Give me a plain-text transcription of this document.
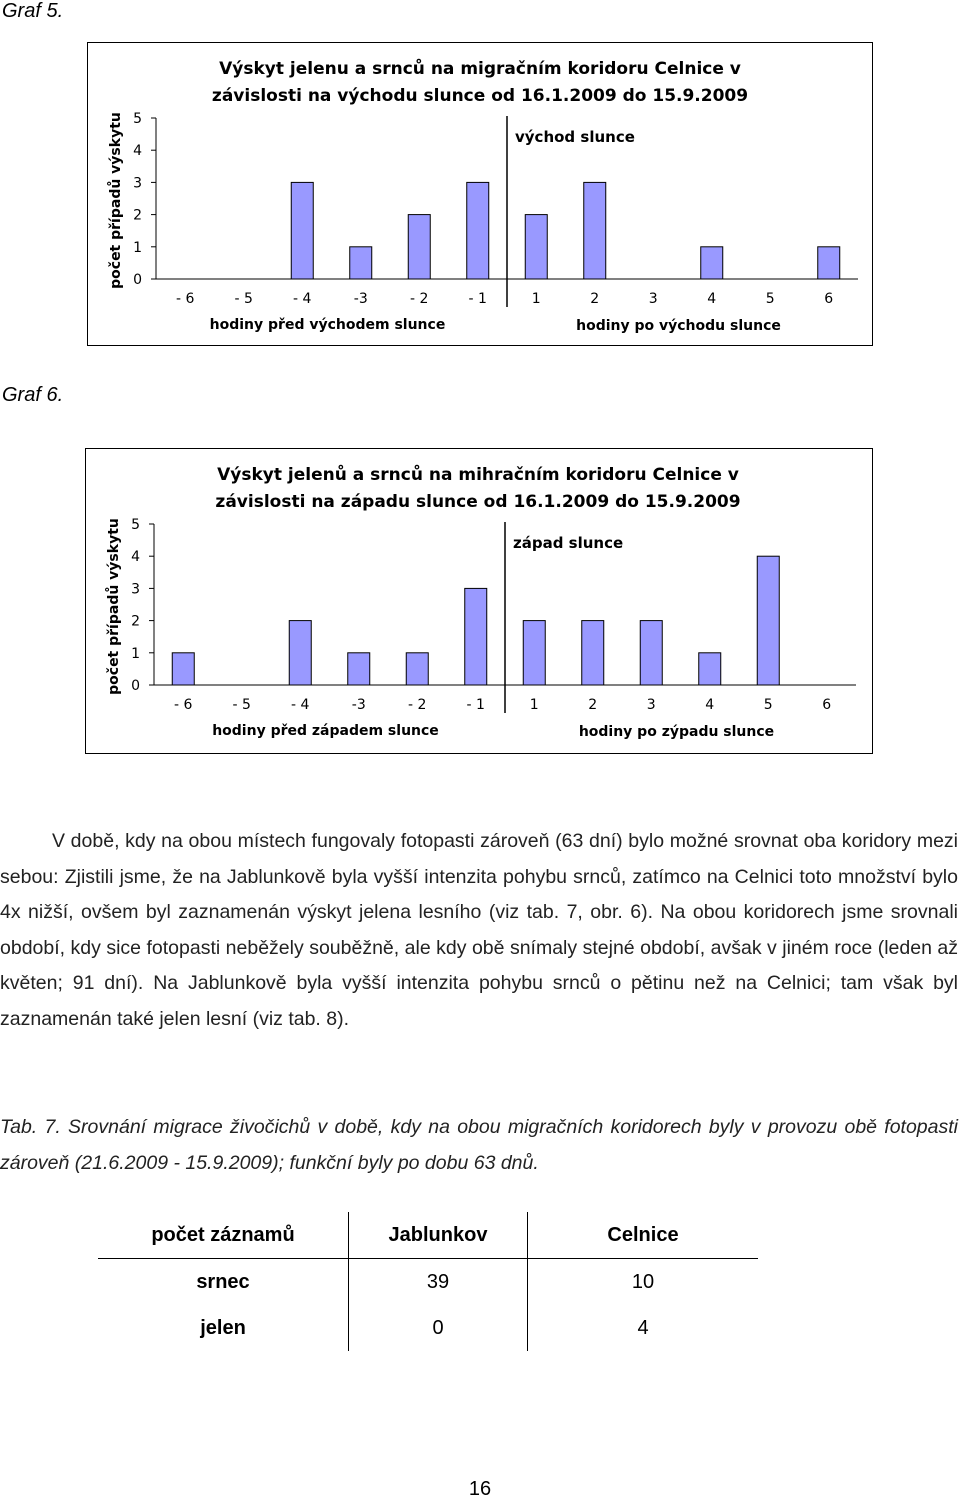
Graf 5.
Výskyt jelenu a srnců na migračním koridoru Celnice v
závislosti na východu slunce od 16.1.2009 do 15.9.2009
0
1
2
3
4
5
počet případů výskytu
- 6	- 5	- 4	-3	- 2	- 1	1	2	3	4	5	6
východ slunce
hodiny před východem slunce	hodiny po východu slunce
Graf 6.
Výskyt jelenů a srnců na mihračním koridoru Celnice v
závislosti na západu slunce od 16.1.2009 do 15.9.2009
0
1
2
3
4
5
počet případů výskytu
- 6	- 5	- 4	-3	- 2	- 1	1	2	3	4	5	6
západ slunce
hodiny před západem slunce	hodiny po zýpadu slunce
V době, kdy na obou místech fungovaly fotopasti zároveň (63 dní) bylo možné srovnat oba koridory mezi sebou: Zjistili jsme, že na Jablunkově byla vyšší intenzita pohybu srnců, zatímco na Celnici toto množství bylo 4x nižší, ovšem byl zaznamenán výskyt jelena lesního (viz tab. 7, obr. 6). Na obou koridorech jsme srovnali období, kdy sice fotopasti neběžely souběžně, ale kdy obě snímaly stejné období, avšak v jiném roce (leden až květen; 91 dní). Na Jablunkově byla vyšší intenzita pohybu srnců o pětinu než na Celnici; tam však byl zaznamenán také jelen lesní (viz tab. 8).
Tab. 7. Srovnání migrace živočichů v době, kdy na obou migračních koridorech byly v provozu obě fotopasti zároveň (21.6.2009 - 15.9.2009); funkční byly po dobu 63 dnů.
počet záznamů	Jablunkov	Celnice
srnec	39	10
jelen	0	4
16
